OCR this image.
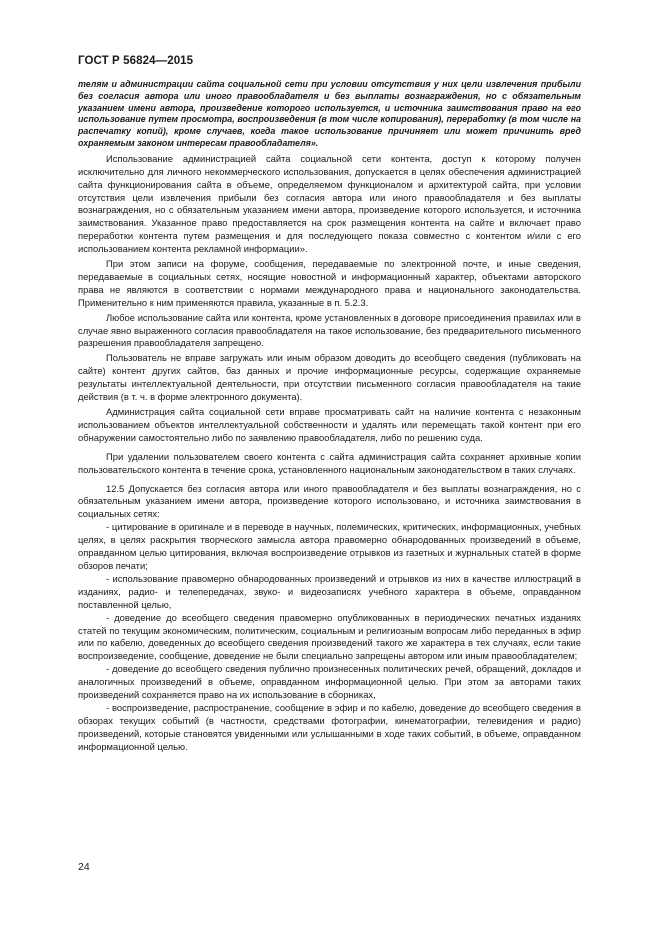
ГОСТ Р 56824—2015

телям и администрации сайта социальной сети при условии отсутствия у них цели извлечения прибыли без согласия автора или иного правообладателя и без выплаты вознаграждения, но с обязательным указанием имени автора, произведение которого используется, и источника заимствования право на его использование путем просмотра, воспроизведения (в том числе копирования), переработку (в том числе на распечатку копий), кроме случаев, когда такое использование причиняет или может причинить вред охраняемым законом интересам правообладателя».

Использование администрацией сайта социальной сети контента, доступ к которому получен исключительно для личного некоммерческого использования, допускается в целях обеспечения администрацией сайта функционирования сайта в объеме, определяемом функционалом и архитектурой сайта, при условии отсутствия цели извлечения прибыли без согласия автора или иного правообладателя и без выплаты вознаграждения, но с обязательным указанием имени автора, произведение которого используется, и источника заимствования. Указанное право предоставляется на срок размещения контента на сайте и включает право переработки контента путем размещения и для последующего показа совместно с контентом и/или с его использованием контента рекламной информации».

При этом записи на форуме, сообщения, передаваемые по электронной почте, и иные сведения, передаваемые в социальных сетях, носящие новостной и информационный характер, объектами авторского права не являются в соответствии с нормами международного права и национального законодательства. Применительно к ним применяются правила, указанные в п. 5.2.3.

Любое использование сайта или контента, кроме установленных в договоре присоединения правилах или в случае явно выраженного согласия правообладателя на такое использование, без предварительного письменного разрешения правообладателя запрещено.

Пользователь не вправе загружать или иным образом доводить до всеобщего сведения (публиковать на сайте) контент других сайтов, баз данных и прочие информационные ресурсы, содержащие охраняемые результаты интеллектуальной деятельности, при отсутствии письменного согласия правообладателя на такие действия (в т. ч. в форме электронного документа).

Администрация сайта социальной сети вправе просматривать сайт на наличие контента с незаконным использованием объектов интеллектуальной собственности и удалять или перемещать такой контент при его обнаружении самостоятельно либо по заявлению правообладателя, либо по решению суда.

При удалении пользователем своего контента с сайта администрация сайта сохраняет архивные копии пользовательского контента в течение срока, установленного национальным законодательством в таких случаях.

12.5 Допускается без согласия автора или иного правообладателя и без выплаты вознаграждения, но с обязательным указанием имени автора, произведение которого использовано, и источника заимствования в социальных сетях:

- цитирование в оригинале и в переводе в научных, полемических, критических, информационных, учебных целях, в целях раскрытия творческого замысла автора правомерно обнародованных произведений в объеме, оправданном целью цитирования, включая воспроизведение отрывков из газетных и журнальных статей в форме обзоров печати;

- использование правомерно обнародованных произведений и отрывков из них в качестве иллюстраций в изданиях, радио- и телепередачах, звуко- и видеозаписях учебного характера в объеме, оправданном поставленной целью,

- доведение до всеобщего сведения правомерно опубликованных в периодических печатных изданиях статей по текущим экономическим, политическим, социальным и религиозным вопросам либо переданных в эфир или по кабелю, доведенных до всеобщего сведения произведений такого же характера в тех случаях, если такие воспроизведение, сообщение, доведение не были специально запрещены автором или иным правообладателем;

- доведение до всеобщего сведения публично произнесенных политических речей, обращений, докладов и аналогичных произведений в объеме, оправданном информационной целью. При этом за авторами таких произведений сохраняется право на их использование в сборниках,

- воспроизведение, распространение, сообщение в эфир и по кабелю, доведение до всеобщего сведения в обзорах текущих событий (в частности, средствами фотографии, кинематографии, телевидения и радио) произведений, которые становятся увиденными или услышанными в ходе таких событий, в объеме, оправданном информационной целью.

24
